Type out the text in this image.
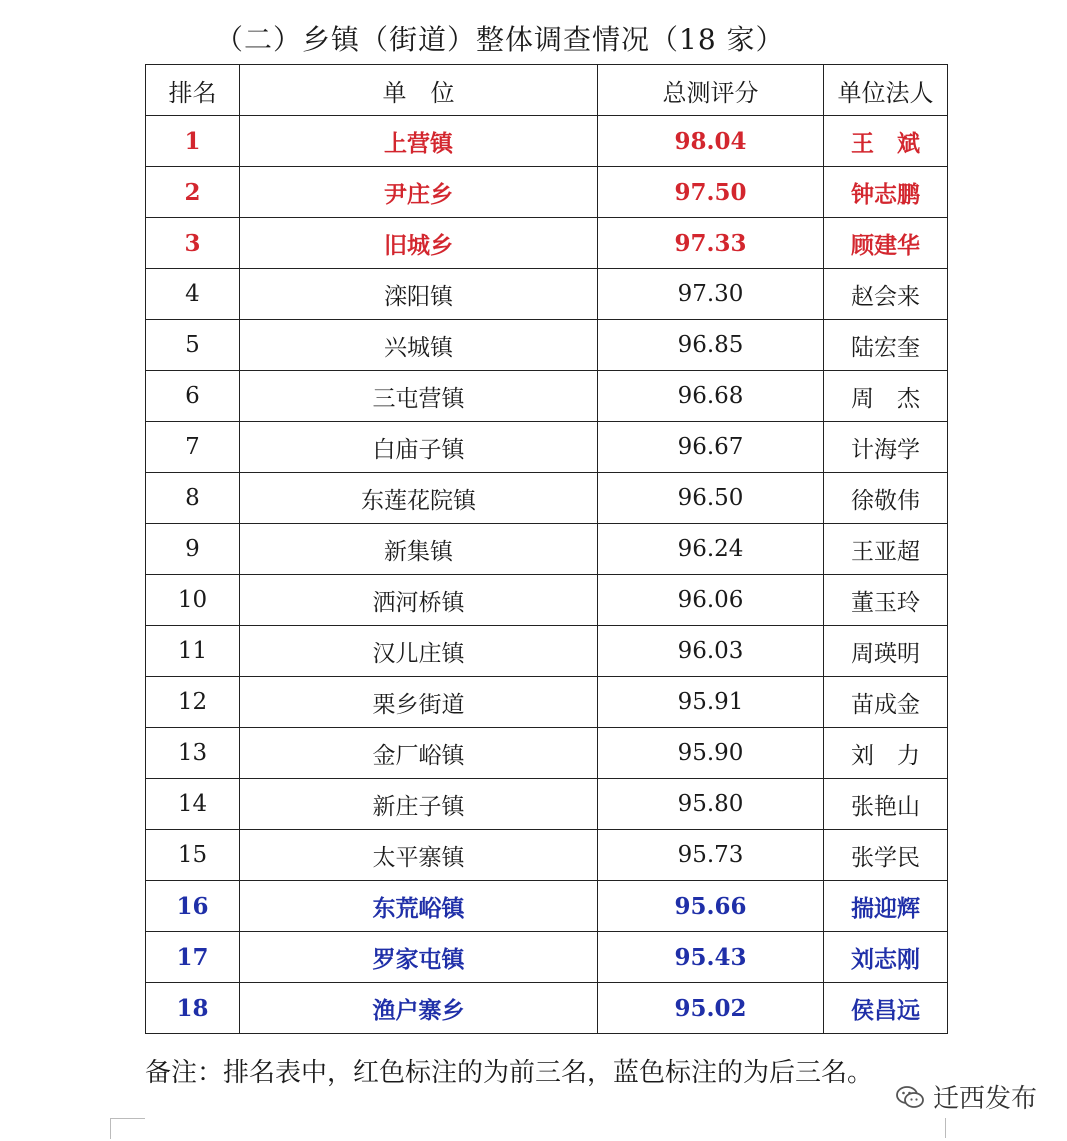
（二）乡镇（街道）整体调查情况（18 家）
排名	单　位	总测评分	单位法人
1	上营镇	98.04	王　斌
2	尹庄乡	97.50	钟志鹏
3	旧城乡	97.33	顾建华
4	滦阳镇	97.30	赵会来
5	兴城镇	96.85	陆宏奎
6	三屯营镇	96.68	周　杰
7	白庙子镇	96.67	计海学
8	东莲花院镇	96.50	徐敬伟
9	新集镇	96.24	王亚超
10	洒河桥镇	96.06	董玉玲
11	汉儿庄镇	96.03	周瑛明
12	栗乡街道	95.91	苗成金
13	金厂峪镇	95.90	刘　力
14	新庄子镇	95.80	张艳山
15	太平寨镇	95.73	张学民
16	东荒峪镇	95.66	揣迎辉
17	罗家屯镇	95.43	刘志刚
18	渔户寨乡	95.02	侯昌远
备注：排名表中，红色标注的为前三名，蓝色标注的为后三名。
迁西发布
